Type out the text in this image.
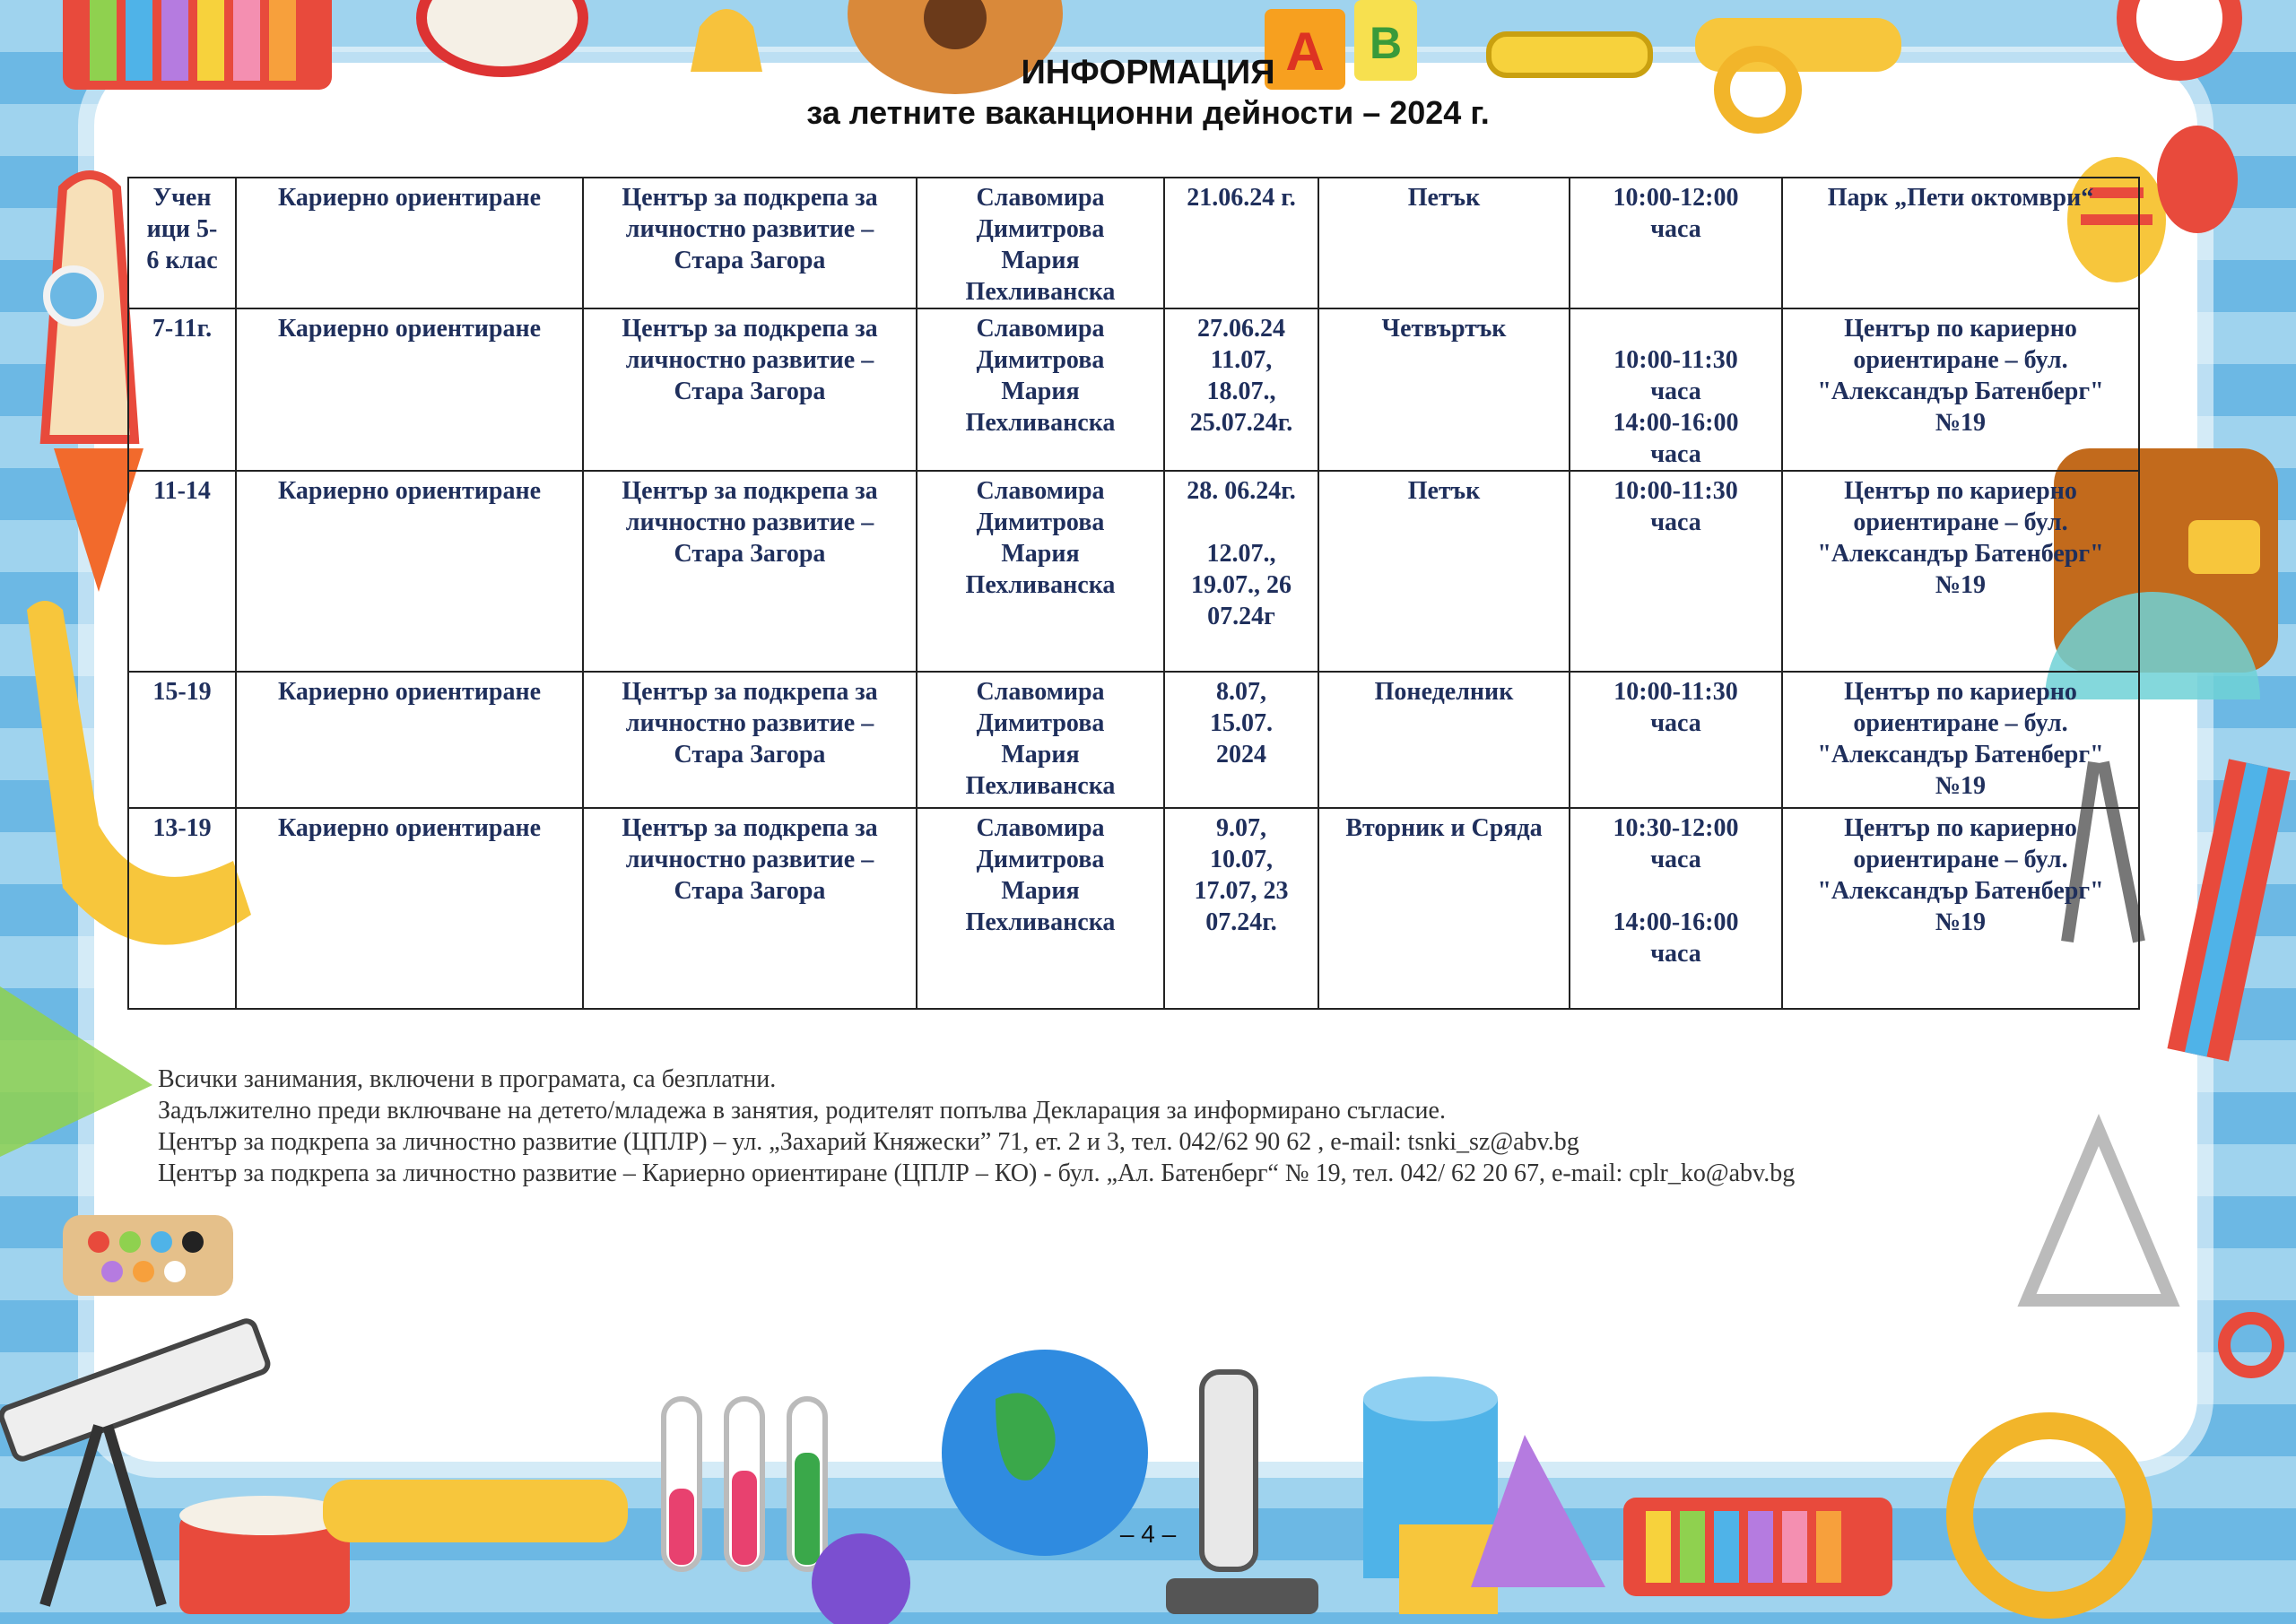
A B
ИНФОРМАЦИЯ
за летните ваканционни дейности – 2024 г.
Учен
ици 5-
6 клас	Кариерно ориентиране	Център за подкрепа за
личностно развитие –
Стара Загора	Славомира
Димитрова
Мария
Пехливанска	21.06.24 г.	Петък	10:00-12:00
часа	Парк „Пети октомври“

7-11г.	Кариерно ориентиране	Център за подкрепа за
личностно развитие –
Стара Загора	Славомира
Димитрова
Мария
Пехливанска	27.06.24
11.07,
18.07.,
25.07.24г.	Четвъртък	10:00-11:30
часа
14:00-16:00
часа	Център по кариерно
ориентиране – бул.
"Александър Батенберг"
№19

11-14	Кариерно ориентиране	Център за подкрепа за
личностно развитие –
Стара Загора	Славомира
Димитрова
Мария
Пехливанска	28. 06.24г.
12.07.,
19.07., 26
07.24г	Петък	10:00-11:30
часа	Център по кариерно
ориентиране – бул.
"Александър Батенберг"
№19

15-19	Кариерно ориентиране	Център за подкрепа за
личностно развитие –
Стара Загора	Славомира
Димитрова
Мария
Пехливанска	8.07,
15.07.
2024	Понеделник	10:00-11:30
часа	Център по кариерно
ориентиране – бул.
"Александър Батенберг"
№19

13-19	Кариерно ориентиране	Център за подкрепа за
личностно развитие –
Стара Загора	Славомира
Димитрова
Мария
Пехливанска	9.07,
10.07,
17.07, 23
07.24г.	Вторник и Сряда	10:30-12:00
часа
14:00-16:00
часа	Център по кариерно
ориентиране – бул.
"Александър Батенберг"
№19
Всички занимания, включени в програмата, са безплатни.
Задължително преди включване на детето/младежа в занятия, родителят попълва Декларация за информирано съгласие.
Център за подкрепа за личностно развитие (ЦПЛР) – ул. „Захарий Княжески” 71, ет. 2 и 3, тел. 042/62 90 62 , e-mail: tsnki_sz@abv.bg
Център за подкрепа за личностно развитие – Кариерно ориентиране (ЦПЛР – КО) - бул. „Ал. Батенберг“ № 19, тел. 042/ 62 20 67, e-mail: cplr_ko@abv.bg
– 4 –
